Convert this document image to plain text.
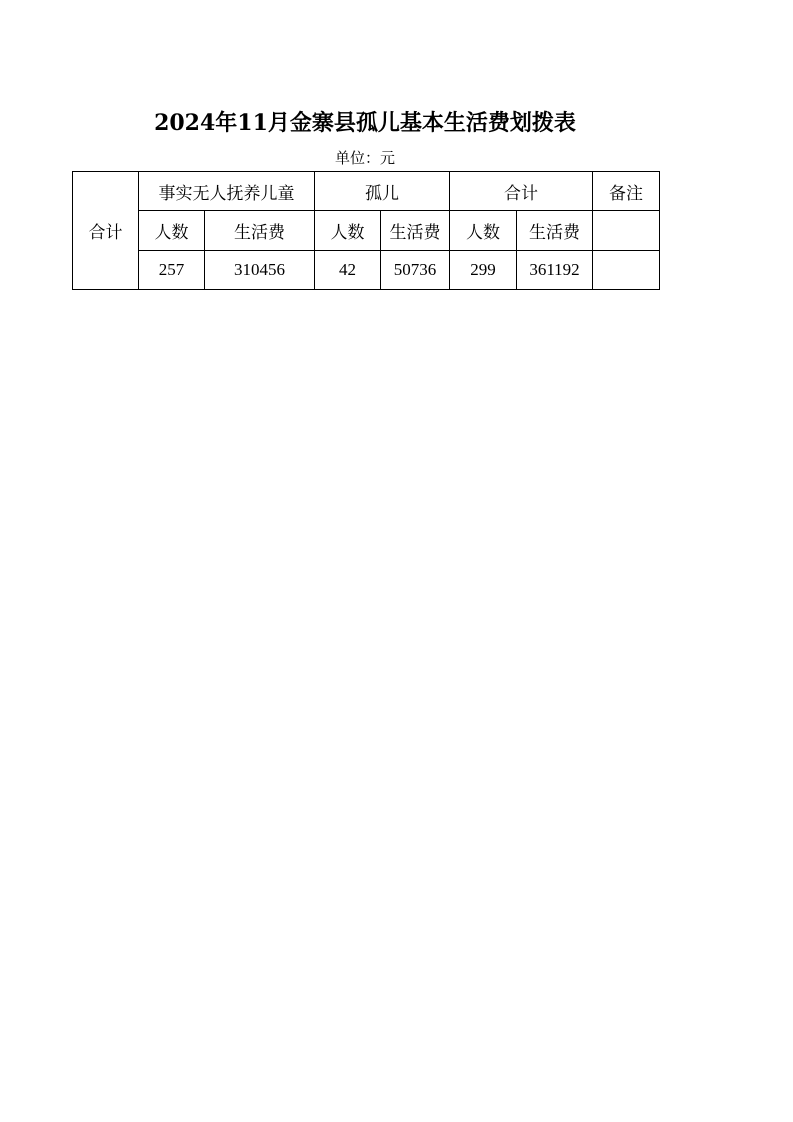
2024年11月金寨县孤儿基本生活费划拨表
单位：元
合计	事实无人抚养儿童		孤儿		合计		备注
	人数	生活费	人数	生活费	人数	生活费	
	257	310456	42	50736	299	361192	
